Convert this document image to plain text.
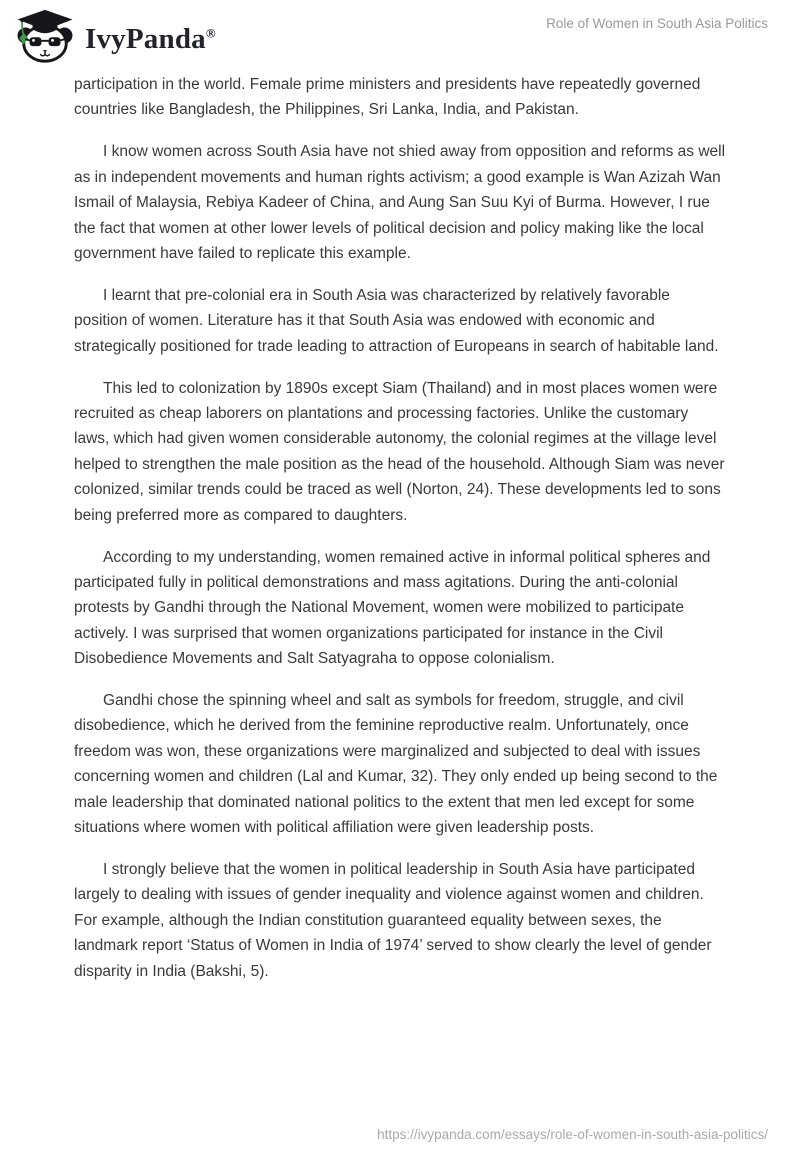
IvyPanda®
Role of Women in South Asia Politics

participation in the world. Female prime ministers and presidents have repeatedly governed countries like Bangladesh, the Philippines, Sri Lanka, India, and Pakistan.

I know women across South Asia have not shied away from opposition and reforms as well as in independent movements and human rights activism; a good example is Wan Azizah Wan Ismail of Malaysia, Rebiya Kadeer of China, and Aung San Suu Kyi of Burma. However, I rue the fact that women at other lower levels of political decision and policy making like the local government have failed to replicate this example.

I learnt that pre-colonial era in South Asia was characterized by relatively favorable position of women. Literature has it that South Asia was endowed with economic and strategically positioned for trade leading to attraction of Europeans in search of habitable land.

This led to colonization by 1890s except Siam (Thailand) and in most places women were recruited as cheap laborers on plantations and processing factories. Unlike the customary laws, which had given women considerable autonomy, the colonial regimes at the village level helped to strengthen the male position as the head of the household. Although Siam was never colonized, similar trends could be traced as well (Norton, 24). These developments led to sons being preferred more as compared to daughters.

According to my understanding, women remained active in informal political spheres and participated fully in political demonstrations and mass agitations. During the anti-colonial protests by Gandhi through the National Movement, women were mobilized to participate actively. I was surprised that women organizations participated for instance in the Civil Disobedience Movements and Salt Satyagraha to oppose colonialism.

Gandhi chose the spinning wheel and salt as symbols for freedom, struggle, and civil disobedience, which he derived from the feminine reproductive realm. Unfortunately, once freedom was won, these organizations were marginalized and subjected to deal with issues concerning women and children (Lal and Kumar, 32). They only ended up being second to the male leadership that dominated national politics to the extent that men led except for some situations where women with political affiliation were given leadership posts.

I strongly believe that the women in political leadership in South Asia have participated largely to dealing with issues of gender inequality and violence against women and children. For example, although the Indian constitution guaranteed equality between sexes, the landmark report ‘Status of Women in India of 1974’ served to show clearly the level of gender disparity in India (Bakshi, 5).

https://ivypanda.com/essays/role-of-women-in-south-asia-politics/
